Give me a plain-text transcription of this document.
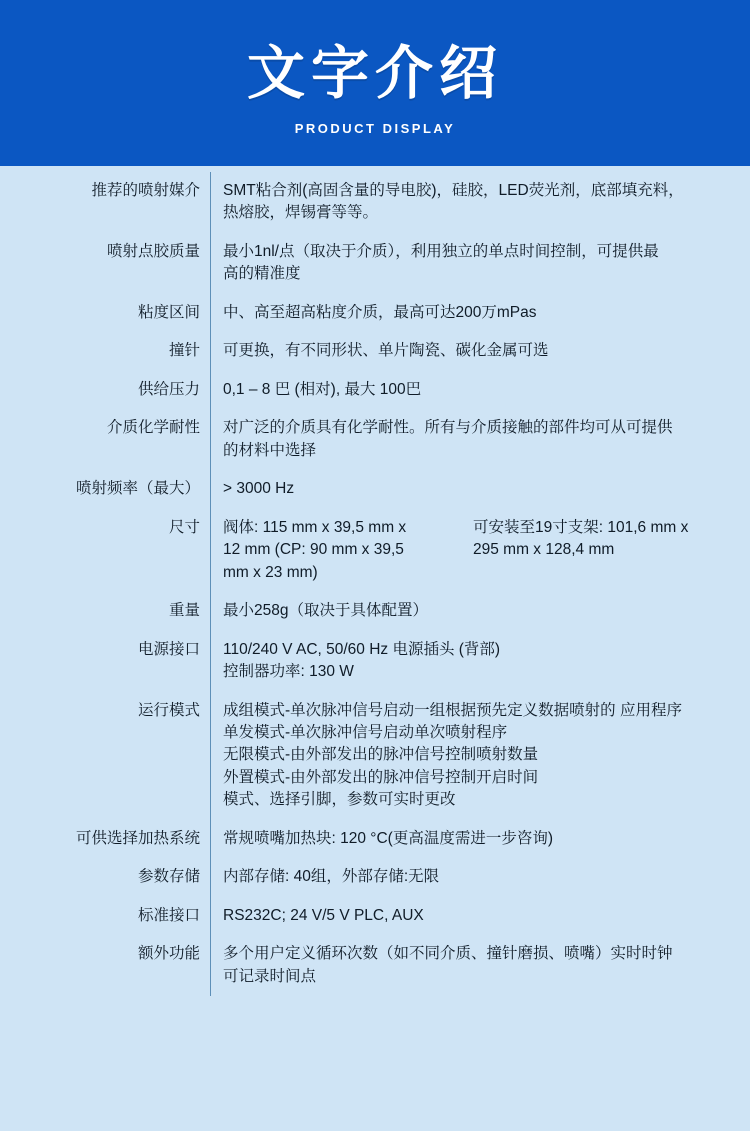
文字介绍
PRODUCT DISPLAY
推荐的喷射媒介	SMT粘合剂(高固含量的导电胶)，硅胶，LED荧光剂，底部填充料，
热熔胶，焊锡膏等等。

喷射点胶质量	最小1nl/点（取决于介质），利用独立的单点时间控制，可提供最
高的精准度

粘度区间	中、高至超高粘度介质，最高可达200万mPas

撞针	可更换，有不同形状、单片陶瓷、碳化金属可选

供给压力	0,1 – 8 巴 (相对), 最大 100巴

介质化学耐性	对广泛的介质具有化学耐性。所有与介质接触的部件均可从可提供
的材料中选择

喷射频率（最大）	> 3000 Hz

尺寸	阀体: 115 mm x 39,5 mm x
12 mm (CP: 90 mm x 39,5
mm x 23 mm)
可安装至19寸支架: 101,6 mm x
295 mm x 128,4 mm

重量	最小258g（取决于具体配置）

电源接口	110/240 V AC, 50/60 Hz 电源插头 (背部)
控制器功率: 130 W

运行模式	成组模式-单次脉冲信号启动一组根据预先定义数据喷射的 应用程序
单发模式-单次脉冲信号启动单次喷射程序
无限模式-由外部发出的脉冲信号控制喷射数量
外置模式-由外部发出的脉冲信号控制开启时间
模式、选择引脚，参数可实时更改

可供选择加热系统	常规喷嘴加热块: 120 °C(更高温度需进一步咨询)

参数存储	内部存储: 40组，外部存储:无限

标准接口	RS232C; 24 V/5 V PLC, AUX

额外功能	多个用户定义循环次数（如不同介质、撞针磨损、喷嘴）实时时钟
可记录时间点
